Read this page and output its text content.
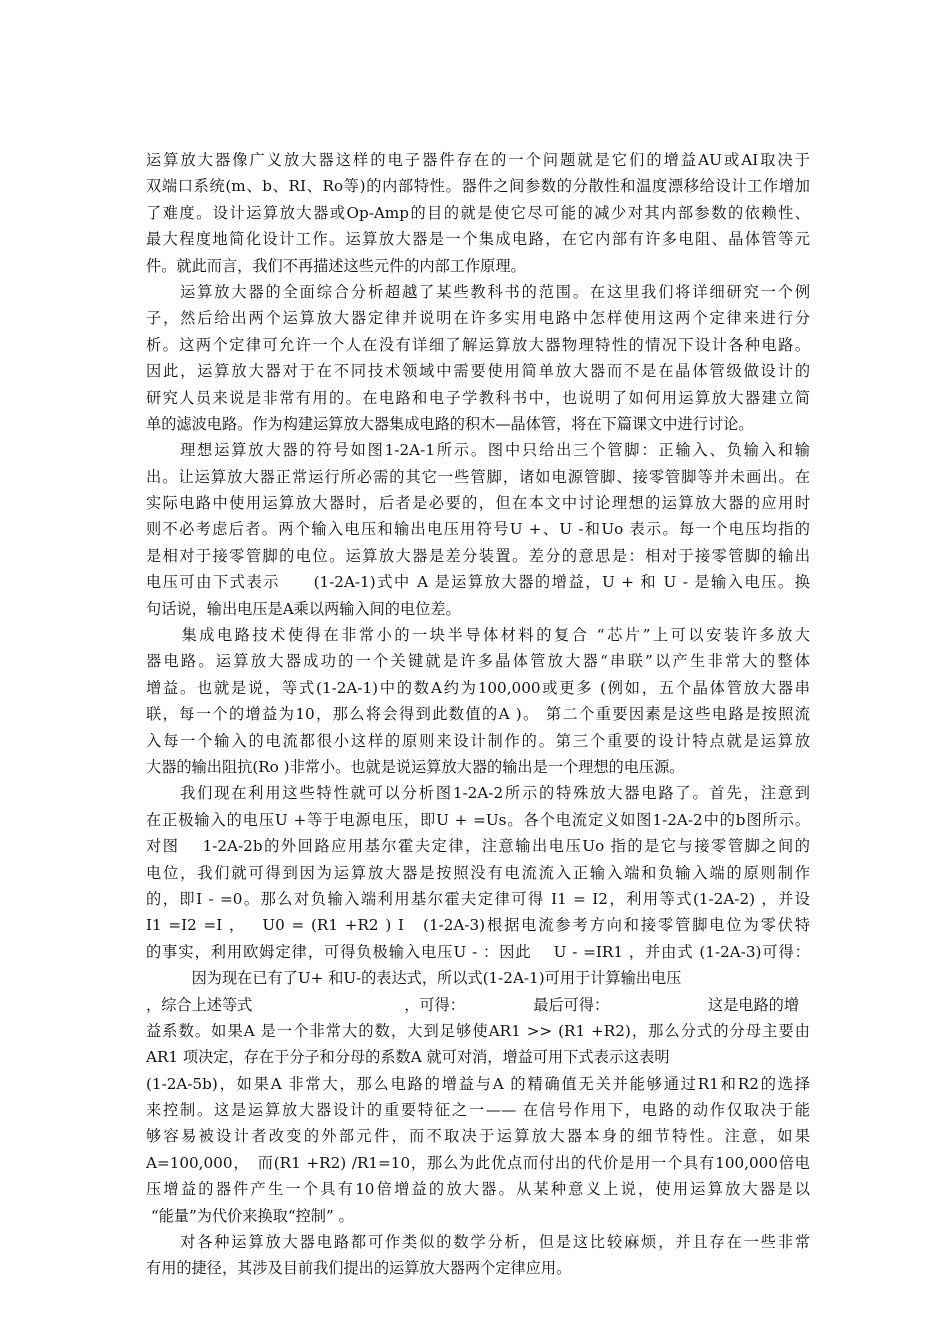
运算放大器像广义放大器这样的电子器件存在的一个问题就是它们的增益AU或AI取决于
双端口系统(m、b、RI、Ro等)的内部特性。器件之间参数的分散性和温度漂移给设计工作增加
了难度。设计运算放大器或Op-Amp的目的就是使它尽可能的减少对其内部参数的依赖性、
最大程度地简化设计工作。运算放大器是一个集成电路，在它内部有许多电阻、晶体管等元
件。就此而言，我们不再描述这些元件的内部工作原理。
　　运算放大器的全面综合分析超越了某些教科书的范围。在这里我们将详细研究一个例
子，然后给出两个运算放大器定律并说明在许多实用电路中怎样使用这两个定律来进行分
析。这两个定律可允许一个人在没有详细了解运算放大器物理特性的情况下设计各种电路。
因此，运算放大器对于在不同技术领域中需要使用简单放大器而不是在晶体管级做设计的
研究人员来说是非常有用的。在电路和电子学教科书中，也说明了如何用运算放大器建立简
单的滤波电路。作为构建运算放大器集成电路的积木—晶体管，将在下篇课文中进行讨论。
　　理想运算放大器的符号如图1-2A-1所示。图中只给出三个管脚：正输入、负输入和输
出。让运算放大器正常运行所必需的其它一些管脚，诸如电源管脚、接零管脚等并未画出。在
实际电路中使用运算放大器时，后者是必要的，但在本文中讨论理想的运算放大器的应用时
则不必考虑后者。两个输入电压和输出电压用符号U +、U -和Uo 表示。每一个电压均指的
是相对于接零管脚的电位。运算放大器是差分装置。差分的意思是：相对于接零管脚的输出
电压可由下式表示　　(1-2A-1)式中 A 是运算放大器的增益，U + 和 U - 是输入电压。换
句话说，输出电压是A乘以两输入间的电位差。
　　集成电路技术使得在非常小的一块半导体材料的复合 “芯片”上可以安装许多放大
器电路。运算放大器成功的一个关键就是许多晶体管放大器“串联”以产生非常大的整体
增益。也就是说，等式(1-2A-1)中的数A约为100,000或更多 (例如，五个晶体管放大器串
联，每一个的增益为10，那么将会得到此数值的A )。 第二个重要因素是这些电路是按照流
入每一个输入的电流都很小这样的原则来设计制作的。第三个重要的设计特点就是运算放
大器的输出阻抗(Ro )非常小。也就是说运算放大器的输出是一个理想的电压源。
　　我们现在利用这些特性就可以分析图1-2A-2所示的特殊放大器电路了。首先，注意到
在正极输入的电压U +等于电源电压，即U + =Us。各个电流定义如图1-2A-2中的b图所示。
对图　 1-2A-2b的外回路应用基尔霍夫定律，注意输出电压Uo 指的是它与接零管脚之间的
电位，我们就可得到因为运算放大器是按照没有电流流入正输入端和负输入端的原则制作
的，即I - =0。那么对负输入端利用基尔霍夫定律可得 I1 = I2，利用等式(1-2A-2) ，并设
I1 =I2 =I ，　 U0 = (R1 +R2 ) I　(1-2A-3)根据电流参考方向和接零管脚电位为零伏特
的事实，利用欧姆定律，可得负极输入电压U - ：因此　 U - =IR1 ，并由式 (1-2A-3)可得：
　　　因为现在已有了U+ 和U-的表达式，所以式(1-2A-1)可用于计算输出电压
，综合上述等式　　　　　　　　　　，可得：　　　　　最后可得：　　　　　　　这是电路的增
益系数。如果A 是一个非常大的数，大到足够使AR1 >> (R1 +R2)，那么分式的分母主要由
AR1 项决定，存在于分子和分母的系数A 就可对消，增益可用下式表示这表明
(1-2A-5b)，如果A 非常大，那么电路的增益与A 的精确值无关并能够通过R1和R2的选择
来控制。这是运算放大器设计的重要特征之一—— 在信号作用下，电路的动作仅取决于能
够容易被设计者改变的外部元件，而不取决于运算放大器本身的细节特性。注意，如果
A=100,000，　而(R1 +R2) /R1=10，那么为此优点而付出的代价是用一个具有100,000倍电
压增益的器件产生一个具有10倍增益的放大器。从某种意义上说，使用运算放大器是以
“能量”为代价来换取“控制” 。
　　对各种运算放大器电路都可作类似的数学分析，但是这比较麻烦，并且存在一些非常
有用的捷径，其涉及目前我们提出的运算放大器两个定律应用。
